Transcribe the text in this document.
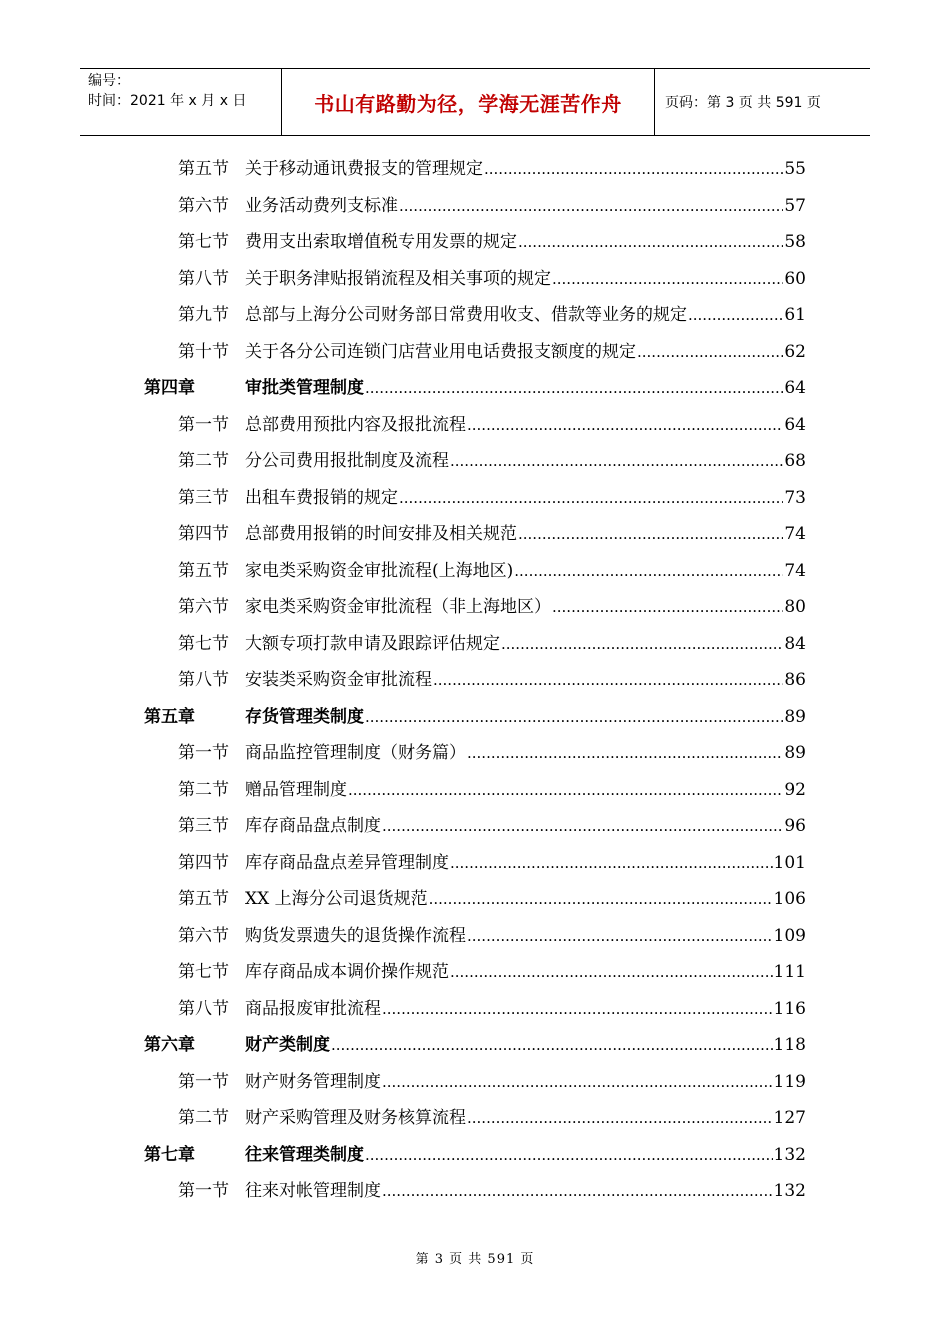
编号：
时间：2021 年 x 月 x 日	书山有路勤为径，学海无涯苦作舟	页码：第 3 页 共 591 页
第五节 关于移动通讯费报支的管理规定 .....	55
第六节 业务活动费列支标准 .....	57
第七节 费用支出索取增值税专用发票的规定 .....	58
第八节 关于职务津贴报销流程及相关事项的规定 .....	60
第九节 总部与上海分公司财务部日常费用收支、借款等业务的规定 .....	61
第十节 关于各分公司连锁门店营业用电话费报支额度的规定 .....	62
第四章	审批类管理制度 .....	64
第一节 总部费用预批内容及报批流程 .....	64
第二节 分公司费用报批制度及流程 .....	68
第三节 出租车费报销的规定 .....	73
第四节 总部费用报销的时间安排及相关规范 .....	74
第五节 家电类采购资金审批流程(上海地区) .....	74
第六节 家电类采购资金审批流程（非上海地区） .....	80
第七节 大额专项打款申请及跟踪评估规定 .....	84
第八节 安装类采购资金审批流程 .....	86
第五章	存货管理类制度 .....	89
第一节 商品监控管理制度（财务篇） .....	89
第二节 赠品管理制度 .....	92
第三节 库存商品盘点制度 .....	96
第四节 库存商品盘点差异管理制度 .....	101
第五节 XX 上海分公司退货规范 .....	106
第六节 购货发票遗失的退货操作流程 .....	109
第七节 库存商品成本调价操作规范 .....	111
第八节 商品报废审批流程 .....	116
第六章	财产类制度 .....	118
第一节 财产财务管理制度 .....	119
第二节 财产采购管理及财务核算流程 .....	127
第七章	往来管理类制度 .....	132
第一节 往来对帐管理制度 .....	132
第 3 页 共 591 页
